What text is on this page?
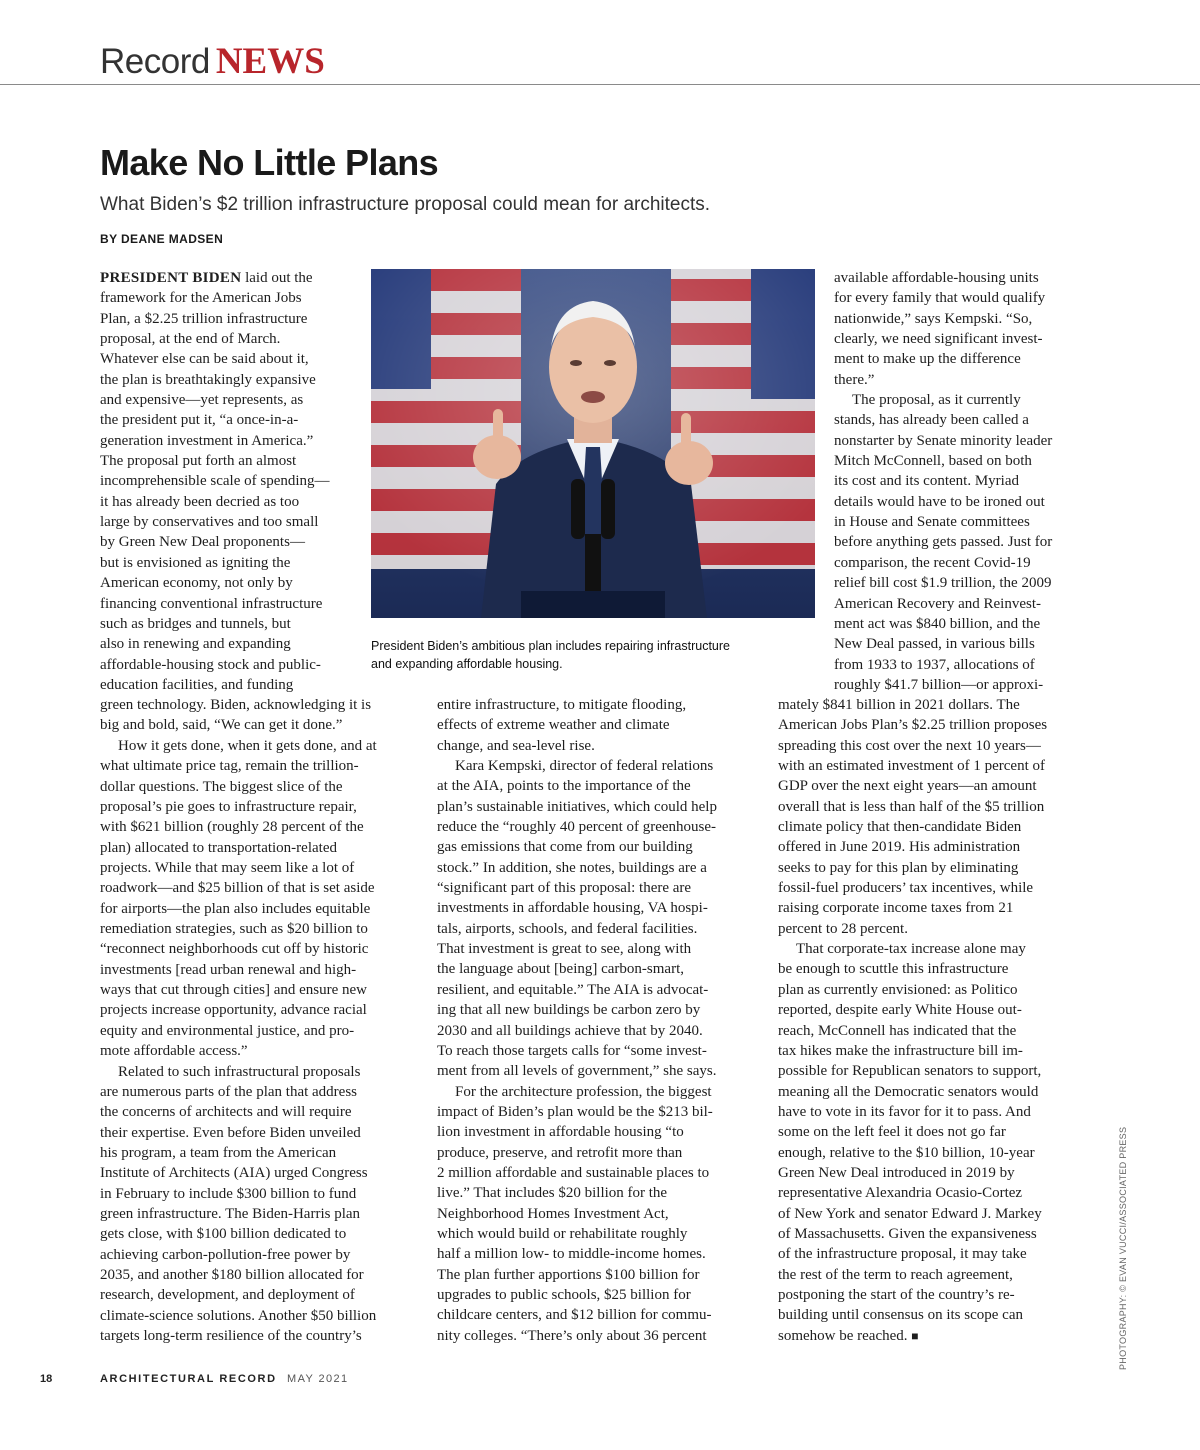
Record NEWS
Make No Little Plans
What Biden’s $2 trillion infrastructure proposal could mean for architects.
BY DEANE MADSEN
PRESIDENT BIDEN laid out the
framework for the American Jobs
Plan, a $2.25 trillion infrastructure
proposal, at the end of March.
Whatever else can be said about it,
the plan is breathtakingly expansive
and expensive—yet represents, as
the president put it, “a once-in-a-
generation investment in America.”
The proposal put forth an almost
incomprehensible scale of spending—
it has already been decried as too
large by conservatives and too small
by Green New Deal proponents—
but is envisioned as igniting the
American economy, not only by
financing conventional infrastructure
such as bridges and tunnels, but
also in renewing and expanding
affordable-housing stock and public-
education facilities, and funding
green technology. Biden, acknowledging it is
big and bold, said, “We can get it done.”
How it gets done, when it gets done, and at
what ultimate price tag, remain the trillion-
dollar questions. The biggest slice of the
proposal’s pie goes to infrastructure repair,
with $621 billion (roughly 28 percent of the
plan) allocated to transportation-related
projects. While that may seem like a lot of
roadwork—and $25 billion of that is set aside
for airports—the plan also includes equitable
remediation strategies, such as $20 billion to
“reconnect neighborhoods cut off by historic
investments [read urban renewal and high-
ways that cut through cities] and ensure new
projects increase opportunity, advance racial
equity and environmental justice, and pro-
mote affordable access.”
Related to such infrastructural proposals
are numerous parts of the plan that address
the concerns of architects and will require
their expertise. Even before Biden unveiled
his program, a team from the American
Institute of Architects (AIA) urged Congress
in February to include $300 billion to fund
green infrastructure. The Biden-Harris plan
gets close, with $100 billion dedicated to
achieving carbon-pollution-free power by
2035, and another $180 billion allocated for
research, development, and deployment of
climate-science solutions. Another $50 billion
targets long-term resilience of the country’s
President Biden’s ambitious plan includes repairing infrastructure
and expanding affordable housing.
entire infrastructure, to mitigate flooding,
effects of extreme weather and climate
change, and sea-level rise.
Kara Kempski, director of federal relations
at the AIA, points to the importance of the
plan’s sustainable initiatives, which could help
reduce the “roughly 40 percent of greenhouse-
gas emissions that come from our building
stock.” In addition, she notes, buildings are a
“significant part of this proposal: there are
investments in affordable housing, VA hospi-
tals, airports, schools, and federal facilities.
That investment is great to see, along with
the language about [being] carbon-smart,
resilient, and equitable.” The AIA is advocat-
ing that all new buildings be carbon zero by
2030 and all buildings achieve that by 2040.
To reach those targets calls for “some invest-
ment from all levels of government,” she says.
For the architecture profession, the biggest
impact of Biden’s plan would be the $213 bil-
lion investment in affordable housing “to
produce, preserve, and retrofit more than
2 million affordable and sustainable places to
live.” That includes $20 billion for the
Neighborhood Homes Investment Act,
which would build or rehabilitate roughly
half a million low- to middle-income homes.
The plan further apportions $100 billion for
upgrades to public schools, $25 billion for
childcare centers, and $12 billion for commu-
nity colleges. “There’s only about 36 percent
available affordable-housing units
for every family that would qualify
nationwide,” says Kempski. “So,
clearly, we need significant invest-
ment to make up the difference
there.”
The proposal, as it currently
stands, has already been called a
nonstarter by Senate minority leader
Mitch McConnell, based on both
its cost and its content. Myriad
details would have to be ironed out
in House and Senate committees
before anything gets passed. Just for
comparison, the recent Covid-19
relief bill cost $1.9 trillion, the 2009
American Recovery and Reinvest-
ment act was $840 billion, and the
New Deal passed, in various bills
from 1933 to 1937, allocations of
roughly $41.7 billion—or approxi-
mately $841 billion in 2021 dollars. The
American Jobs Plan’s $2.25 trillion proposes
spreading this cost over the next 10 years—
with an estimated investment of 1 percent of
GDP over the next eight years—an amount
overall that is less than half of the $5 trillion
climate policy that then-candidate Biden
offered in June 2019. His administration
seeks to pay for this plan by eliminating
fossil-fuel producers’ tax incentives, while
raising corporate income taxes from 21
percent to 28 percent.
That corporate-tax increase alone may
be enough to scuttle this infrastructure
plan as currently envisioned: as Politico
reported, despite early White House out-
reach, McConnell has indicated that the
tax hikes make the infrastructure bill im-
possible for Republican senators to support,
meaning all the Democratic senators would
have to vote in its favor for it to pass. And
some on the left feel it does not go far
enough, relative to the $10 billion, 10-year
Green New Deal introduced in 2019 by
representative Alexandria Ocasio-Cortez
of New York and senator Edward J. Markey
of Massachusetts. Given the expansiveness
of the infrastructure proposal, it may take
the rest of the term to reach agreement,
postponing the start of the country’s re-
building until consensus on its scope can
somehow be reached. ■	PHOTOGRAPHY: © EVAN VUCCI/ASSOCIATED PRESS
18	ARCHITECTURAL RECORD MAY 2021
